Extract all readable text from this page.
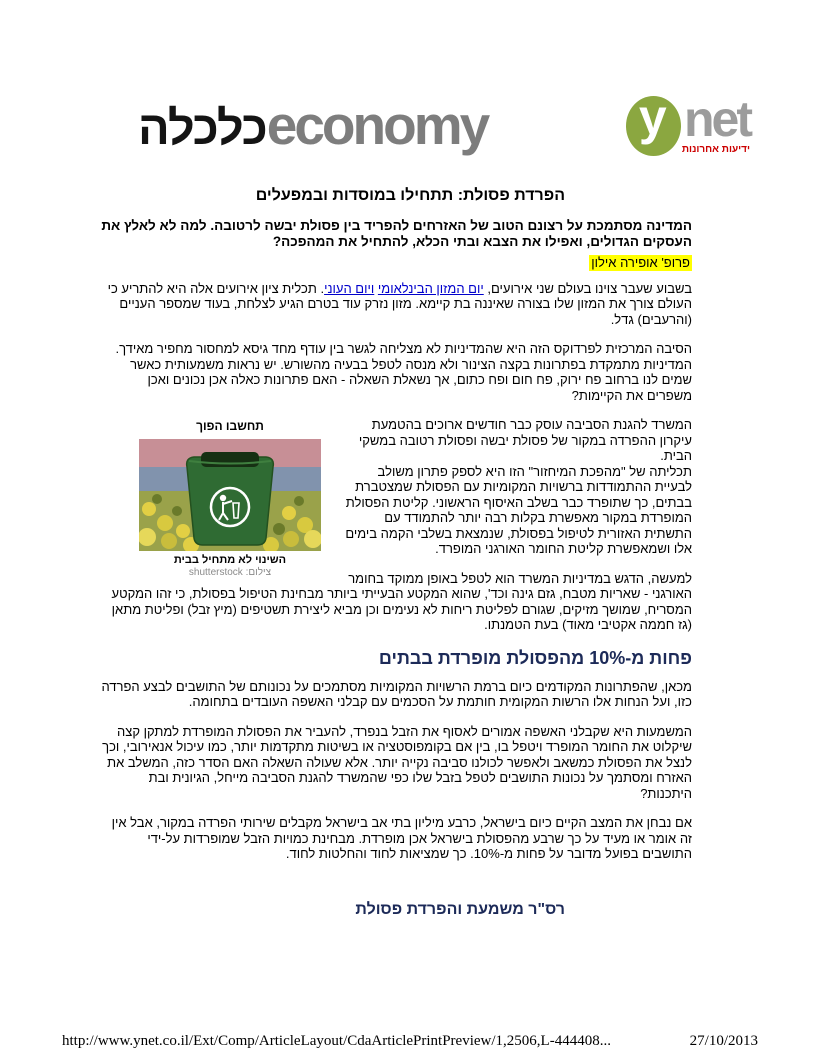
כלכלה economy	y net
ידיעות אחרונות
הפרדת פסולת: תתחילו במוסדות ובמפעלים
המדינה מסתמכת על רצונם הטוב של האזרחים להפריד בין פסולת יבשה לרטובה. למה לא לאלץ את העסקים הגדולים, ואפילו את הצבא ובתי הכלא, להתחיל את המהפכה?
פרופ' אופירה אילון

בשבוע שעבר צוינו בעולם שני אירועים, יום המזון הבינלאומי ויום העוני. תכלית ציון אירועים אלה היא להתריע כי העולם צורך את המזון שלו בצורה שאיננה בת קיימא. מזון נזרק עוד בטרם הגיע לצלחת, בעוד שמספר העניים (והרעבים) גדל.

הסיבה המרכזית לפרדוקס הזה היא שהמדיניות לא מצליחה לגשר בין עודף מחד גיסא למחסור מחפיר מאידך. המדיניות מתמקדת בפתרונות בקצה הצינור ולא מנסה לטפל בבעיה מהשורש. יש נראות משמעותית כאשר שמים לנו ברחוב פח ירוק, פח חום ופח כתום, אך נשאלת השאלה - האם פתרונות כאלה אכן נכונים ואכן משפרים את הקיימות?

תחשבו הפוך
השינוי לא מתחיל בבית
צילום: shutterstock

המשרד להגנת הסביבה עוסק כבר חודשים ארוכים בהטמעת עיקרון ההפרדה במקור של פסולת יבשה ופסולת רטובה במשקי הבית.

תכליתה של "מהפכת המיחזור" הזו היא לספק פתרון משולב לבעיית ההתמודדות ברשויות המקומיות עם הפסולת שמצטברת בבתים, כך שתופרד כבר בשלב האיסוף הראשוני. קליטת הפסולת המופרדת במקור מאפשרת בקלות רבה יותר להתמודד עם התשתית האזורית לטיפול בפסולת, שנמצאת בשלבי הקמה בימים אלו ושמאפשרת קליטת החומר האורגני המופרד.

למעשה, הדגש במדיניות המשרד הוא לטפל באופן ממוקד בחומר האורגני - שאריות מטבח, גזם גינה וכד', שהוא המקטע הבעייתי ביותר מבחינת הטיפול בפסולת, כי זהו המקטע המסריח, שמושך מזיקים, שגורם לפליטת ריחות לא נעימים וכן מביא ליצירת תשטיפים (מיץ זבל) ופליטת מתאן (גז חממה אקטיבי מאוד) בעת הטמנתו.

פחות מ-10% מהפסולת מופרדת בבתים

מכאן, שהפתרונות המקודמים כיום ברמת הרשויות המקומיות מסתמכים על נכונותם של התושבים לבצע הפרדה כזו, ועל הנחות אלו הרשות המקומית חותמת על הסכמים עם קבלני האשפה העובדים בתחומה.

המשמעות היא שקבלני האשפה אמורים לאסוף את הזבל בנפרד, להעביר את הפסולת המופרדת למתקן קצה שיקלוט את החומר המופרד ויטפל בו, בין אם בקומפוסטציה או בשיטות מתקדמות יותר, כמו עיכול אנאירובי, וכך לנצל את הפסולת כמשאב ולאפשר לכולנו סביבה נקייה יותר. אלא שעולה השאלה האם הסדר כזה, המשלב את האזרח ומסתמך על נכונות התושבים לטפל בזבל שלו כפי שהמשרד להגנת הסביבה מייחל, הגיונית ובת היתכנות?

אם נבחן את המצב הקיים כיום בישראל, כרבע מיליון בתי אב בישראל מקבלים שירותי הפרדה במקור, אבל אין זה אומר או מעיד על כך שרבע מהפסולת בישראל אכן מופרדת. מבחינת כמויות הזבל שמופרדות על-ידי התושבים בפועל מדובר על פחות מ-10%. כך שמציאות לחוד והחלטות לחוד.

רס"ר משמעת והפרדת פסולת
http://www.ynet.co.il/Ext/Comp/ArticleLayout/CdaArticlePrintPreview/1,2506,L-444408...	27/10/2013
